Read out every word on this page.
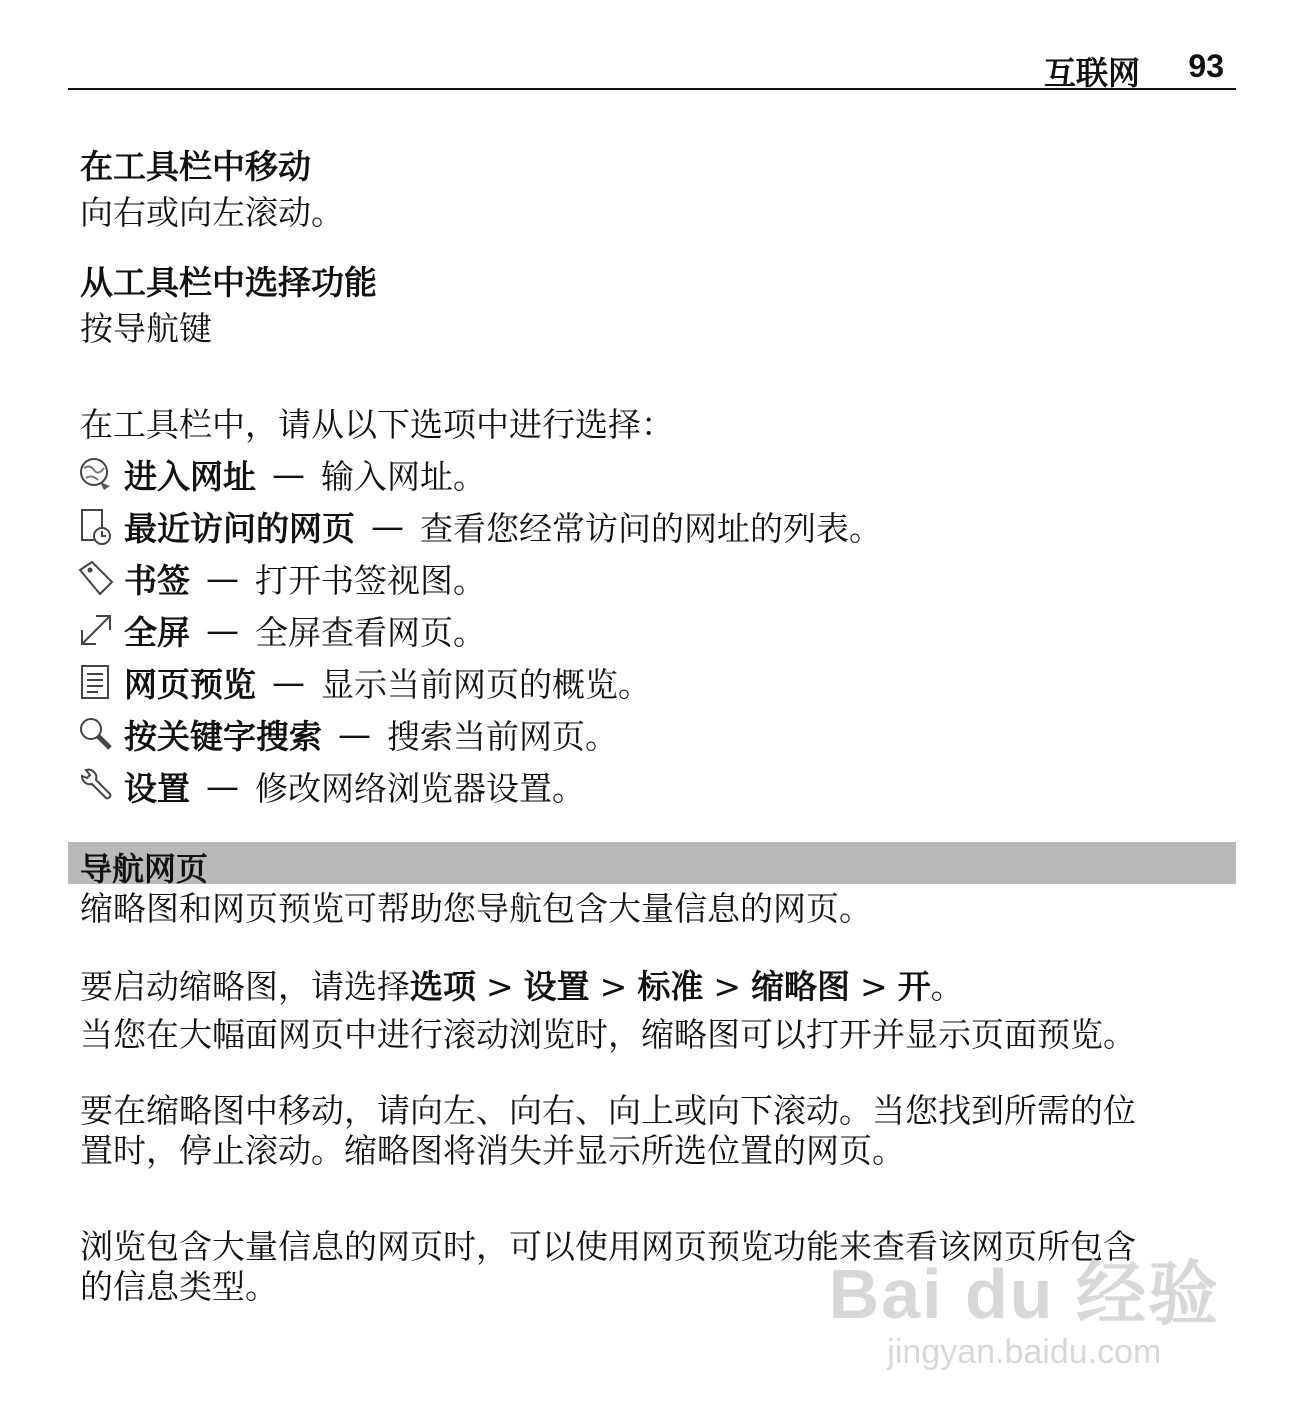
互联网 93
在工具栏中移动
向右或向左滚动。
从工具栏中选择功能
按导航键
在工具栏中，请从以下选项中进行选择：
进入网址 — 输入网址。
最近访问的网页 — 查看您经常访问的网址的列表。
书签 — 打开书签视图。
全屏 — 全屏查看网页。
网页预览 — 显示当前网页的概览。
按关键字搜索 — 搜索当前网页。
设置 — 修改网络浏览器设置。
导航网页
缩略图和网页预览可帮助您导航包含大量信息的网页。
要启动缩略图，请选择选项 > 设置 > 标准 > 缩略图 > 开。
当您在大幅面网页中进行滚动浏览时，缩略图可以打开并显示页面预览。
要在缩略图中移动，请向左、向右、向上或向下滚动。当您找到所需的位
置时，停止滚动。缩略图将消失并显示所选位置的网页。
浏览包含大量信息的网页时，可以使用网页预览功能来查看该网页所包含
的信息类型。	Bai du 经验
jingyan.baidu.com
